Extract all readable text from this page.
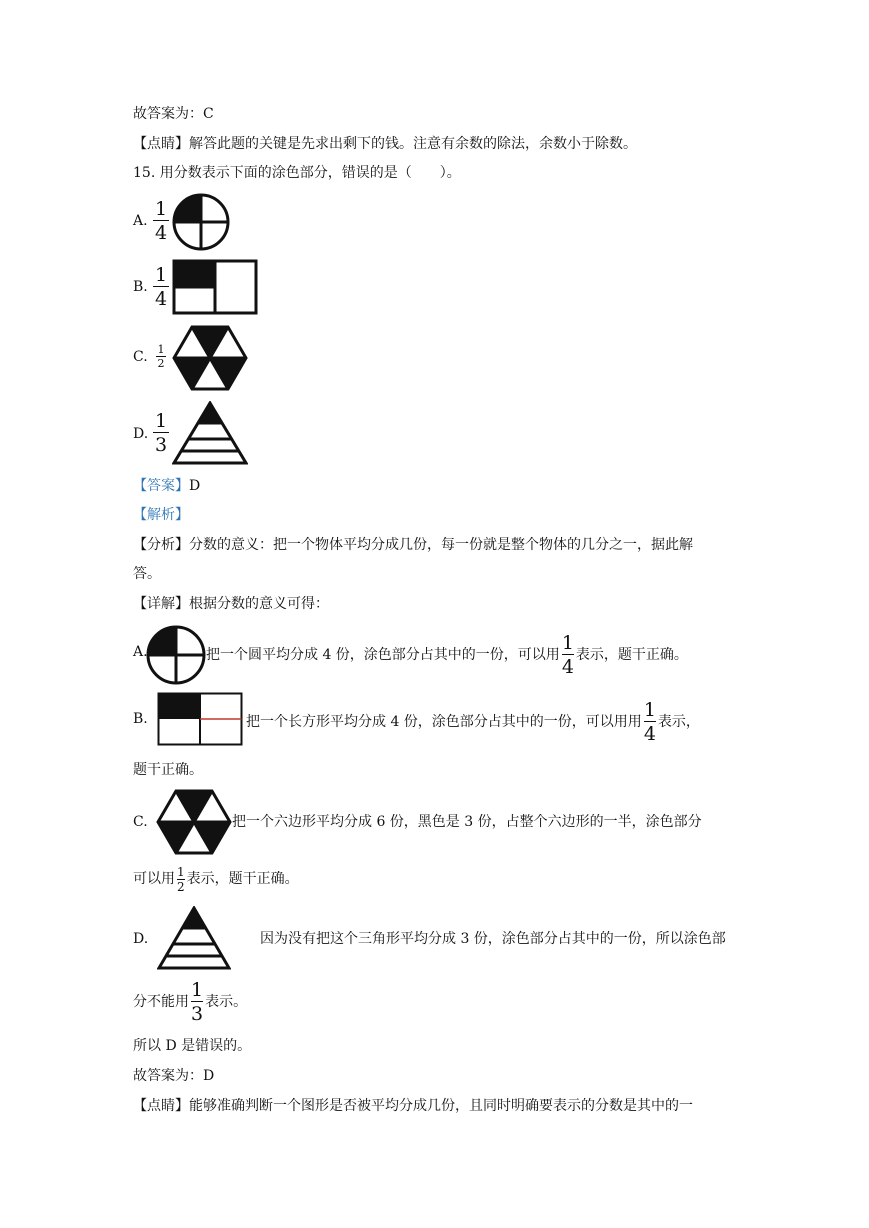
故答案为：C
【点睛】解答此题的关键是先求出剩下的钱。注意有余数的除法，余数小于除数。
15. 用分数表示下面的涂色部分，错误的是（　　）。
A.
1
4
B.
1
4
C. 1
2
D.
1
3
【答案】D
【解析】
【分析】分数的意义：把一个物体平均分成几份，每一份就是整个物体的几分之一，据此解
答。
【详解】根据分数的意义可得：
A.	把一个圆平均分成 4 份，涂色部分占其中的一份，可以用 $\frac{1}{4}$ 表示，题干正确。
B.	把一个长方形平均分成 4 份，涂色部分占其中的一份，可以用用 $\frac{1}{4}$ 表示，
题干正确。
C.	把一个六边形平均分成 6 份，黑色是 3 份，占整个六边形的一半，涂色部分
可以用 $\frac{1}{2}$ 表示，题干正确。
D.	因为没有把这个三角形平均分成 3 份，涂色部分占其中的一份，所以涂色部
分不能用 $\frac{1}{3}$ 表示。
所以 D 是错误的。
故答案为：D
【点睛】能够准确判断一个图形是否被平均分成几份，且同时明确要表示的分数是其中的一
